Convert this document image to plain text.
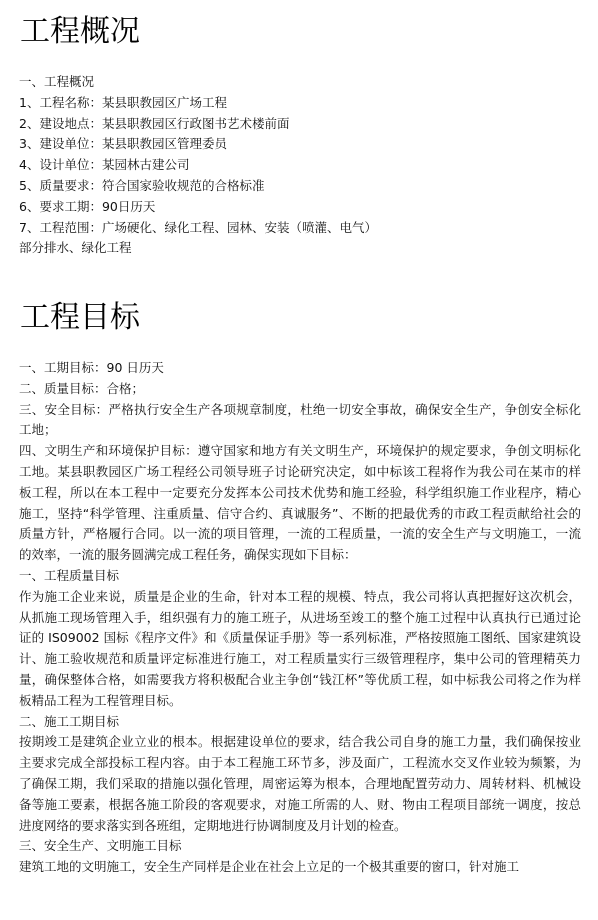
工程概况
一、工程概况
1、工程名称：某县职教园区广场工程
2、建设地点：某县职教园区行政图书艺术楼前面
3、建设单位：某县职教园区管理委员
4、设计单位：某园林古建公司
5、质量要求：符合国家验收规范的合格标准
6、要求工期：90日历天
7、工程范围：广场硬化、绿化工程、园林、安装（喷灌、电气）
部分排水、绿化工程
工程目标
一、工期目标：90 日历天
二、质量目标：合格；
三、安全目标：严格执行安全生产各项规章制度，杜绝一切安全事故，确保安全生产，争创安全标化工地；
四、文明生产和环境保护目标：遵守国家和地方有关文明生产，环境保护的规定要求，争创文明标化工地。某县职教园区广场工程经公司领导班子讨论研究决定，如中标该工程将作为我公司在某市的样板工程，所以在本工程中一定要充分发挥本公司技术优势和施工经验，科学组织施工作业程序，精心施工，坚持“科学管理、注重质量、信守合约、真诚服务”、不断的把最优秀的市政工程贡献给社会的质量方针，严格履行合同。以一流的项目管理，一流的工程质量，一流的安全生产与文明施工，一流的效率，一流的服务圆满完成工程任务，确保实现如下目标：
一、工程质量目标
作为施工企业来说，质量是企业的生命，针对本工程的规模、特点，我公司将认真把握好这次机会，从抓施工现场管理入手，组织强有力的施工班子，从进场至竣工的整个施工过程中认真执行已通过论证的 IS09002 国标《程序文件》和《质量保证手册》等一系列标准，严格按照施工图纸、国家建筑设计、施工验收规范和质量评定标准进行施工，对工程质量实行三级管理程序，集中公司的管理精英力量，确保整体合格，如需要我方将积极配合业主争创“钱江杯”等优质工程，如中标我公司将之作为样板精品工程为工程管理目标。
二、施工工期目标
按期竣工是建筑企业立业的根本。根据建设单位的要求，结合我公司自身的施工力量，我们确保按业主要求完成全部投标工程内容。由于本工程施工环节多，涉及面广，工程流水交叉作业较为频繁，为了确保工期，我们采取的措施以强化管理，周密运筹为根本，合理地配置劳动力、周转材料、机械设备等施工要素，根据各施工阶段的客观要求，对施工所需的人、财、物由工程项目部统一调度，按总进度网络的要求落实到各班组，定期地进行协调制度及月计划的检查。
三、安全生产、文明施工目标
建筑工地的文明施工，安全生产同样是企业在社会上立足的一个极其重要的窗口，针对施工
